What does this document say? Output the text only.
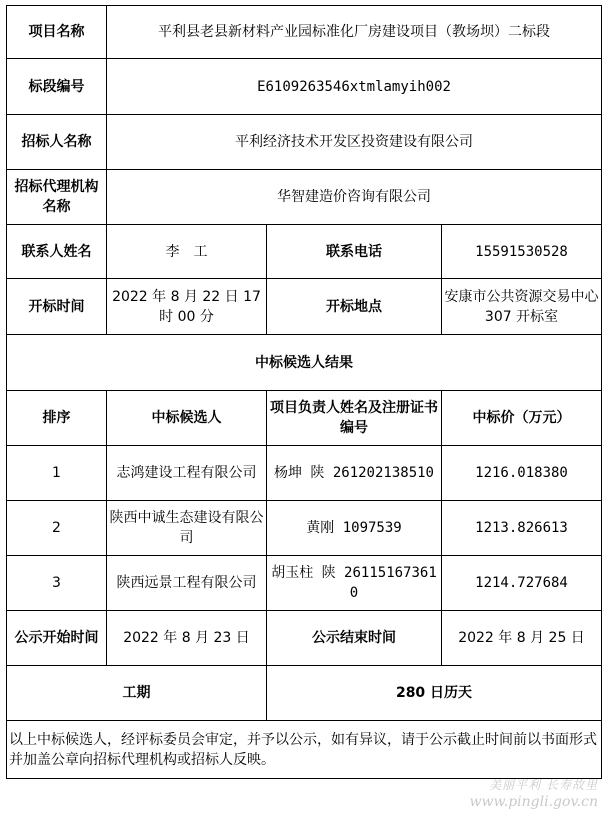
项目名称	平利县老县新材料产业园标准化厂房建设项目（教场坝）二标段		
标段编号	E6109263546xtmlamyih002		
招标人名称	平利经济技术开发区投资建设有限公司		
招标代理机构名称	华智建造价咨询有限公司		
联系人姓名	李　工	联系电话	15591530528
开标时间	2022 年 8 月 22 日 17 时 00 分	开标地点	安康市公共资源交易中心 307 开标室
中标候选人结果			
排序	中标候选人	项目负责人姓名及注册证书编号	中标价（万元）
1	志鸿建设工程有限公司	杨坤 陕 261202138510	1216.018380
2	陕西中诚生态建设有限公司	黄刚 1097539	1213.826613
3	陕西远景工程有限公司	胡玉柱 陕 261151673610	1214.727684
公示开始时间	2022 年 8 月 23 日	公示结束时间	2022 年 8 月 25 日
工期		280 日历天	
以上中标候选人，经评标委员会审定，并予以公示，如有异议，请于公示截止时间前以书面形式并加盖公章向招标代理机构或招标人反映。			
美丽平利 长寿故里
www.pingli.gov.cn
